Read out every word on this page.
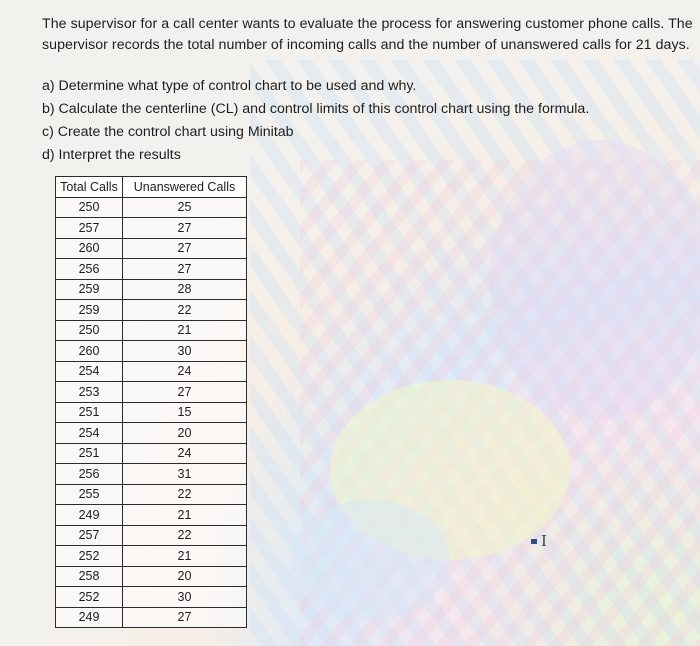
The supervisor for a call center wants to evaluate the process for answering customer phone calls. The
supervisor records the total number of incoming calls and the number of unanswered calls for 21 days.
a) Determine what type of control chart to be used and why.
b) Calculate the centerline (CL) and control limits of this control chart using the formula.
c) Create the control chart using Minitab
d) Interpret the results
Total Calls	Unanswered Calls
250	25
257	27
260	27
256	27
259	28
259	22
250	21
260	30
254	24
253	27
251	15
254	20
251	24
256	31
255	22
249	21
257	22
252	21
258	20
252	30
249	27
I
